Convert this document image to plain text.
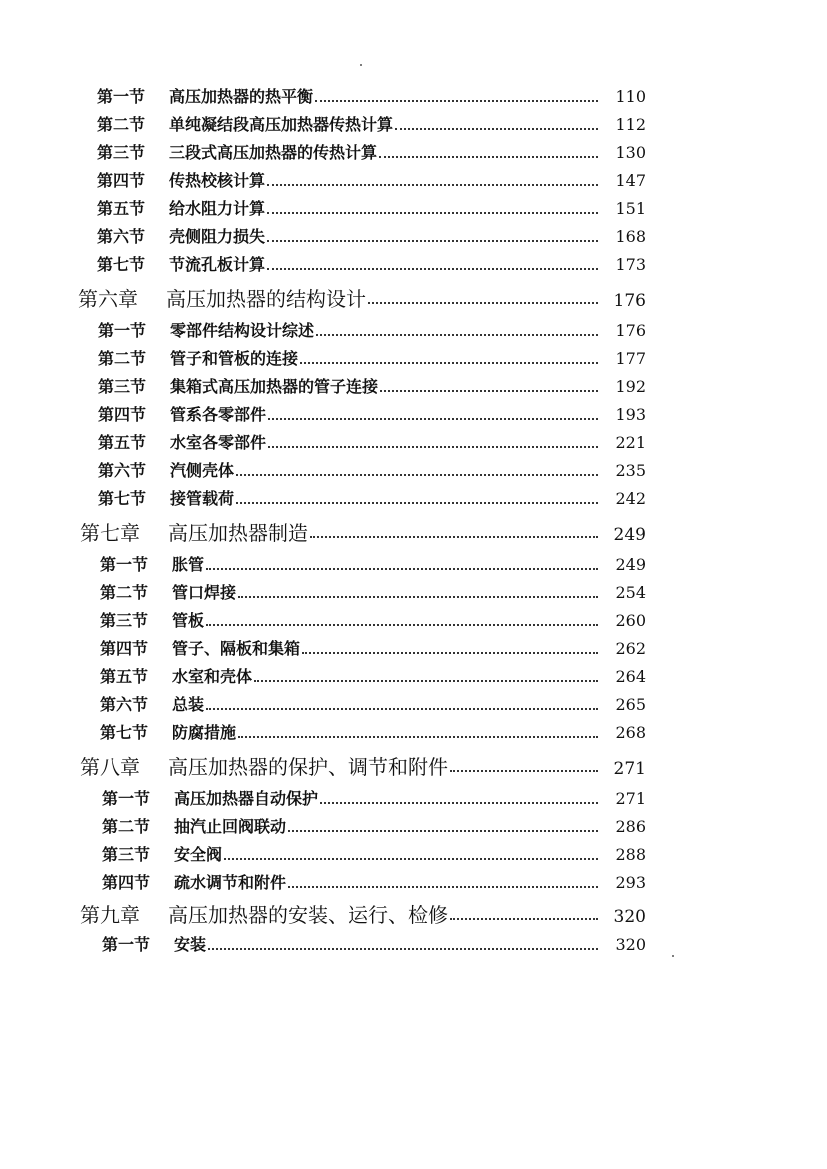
第一节	高压加热器的热平衡	110
第二节	单纯凝结段高压加热器传热计算	112
第三节	三段式高压加热器的传热计算	130
第四节	传热校核计算	147
第五节	给水阻力计算	151
第六节	壳侧阻力损失	168
第七节	节流孔板计算	173
第六章	高压加热器的结构设计	176
第一节	零部件结构设计综述	176
第二节	管子和管板的连接	177
第三节	集箱式高压加热器的管子连接	192
第四节	管系各零部件	193
第五节	水室各零部件	221
第六节	汽侧壳体	235
第七节	接管载荷	242
第七章	高压加热器制造	249
第一节	胀管	249
第二节	管口焊接	254
第三节	管板	260
第四节	管子、隔板和集箱	262
第五节	水室和壳体	264
第六节	总装	265
第七节	防腐措施	268
第八章	高压加热器的保护、调节和附件	271
第一节	高压加热器自动保护	271
第二节	抽汽止回阀联动	286
第三节	安全阀	288
第四节	疏水调节和附件	293
第九章	高压加热器的安装、运行、检修	320
第一节	安装	320
